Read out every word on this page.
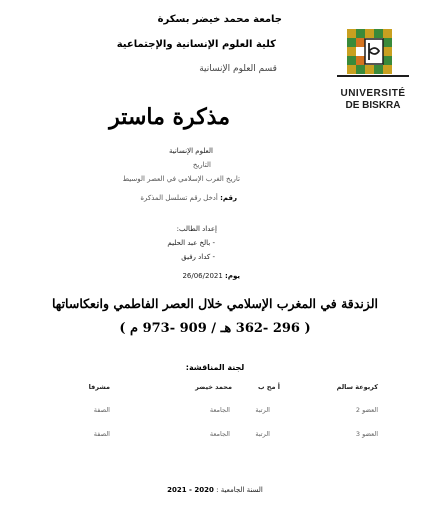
جامعة محمد خيضر بسكرة
كلية العلوم الإنسانية والإجتماعية
قسم العلوم الإنسانية
UNIVERSITÉ
DE BISKRA
مذكرة ماستر
العلوم الإنسانية
التاريخ
تاريخ الغرب الإسلامي في العصر الوسيط
رقم: أدخل رقم تسلسل المذكرة
إعداد الطالب:
- بالخ عبد الحليم
- كداد رفيق
يوم: 26/06/2021
الزندقة في المغرب الإسلامي خلال العصر الفاطمي وانعكاساتها
( 296 -362 هـ / 909 -973 م )
لجنة المناقشة:
كربوعة سالم
أ مح ب
محمد خيضر
مشرفا
العضو 2
الرتبة
الجامعة
الصفة
العضو 3
الرتبة
الجامعة
الصفة
السنة الجامعية : 2020 - 2021
